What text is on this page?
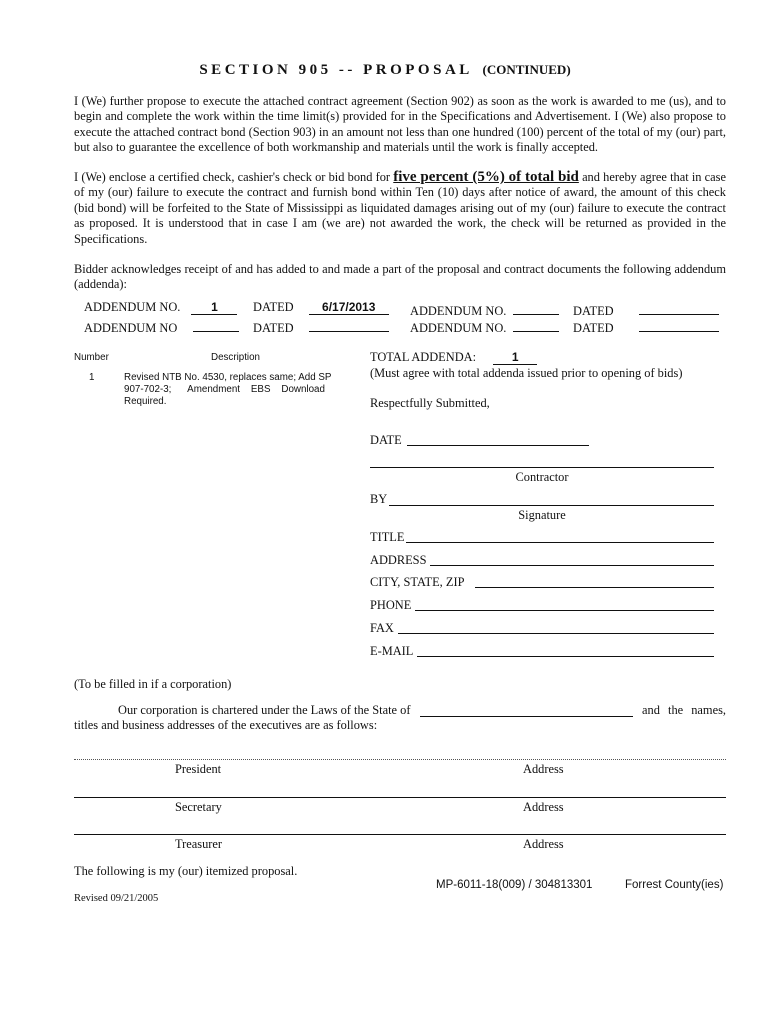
SECTION 905 -- PROPOSAL (CONTINUED)

I (We) further propose to execute the attached contract agreement (Section 902) as soon as the work is awarded to me (us), and to begin and complete the work within the time limit(s) provided for in the Specifications and Advertisement. I (We) also propose to execute the attached contract bond (Section 903) in an amount not less than one hundred (100) percent of the total of my (our) part, but also to guarantee the excellence of both workmanship and materials until the work is finally accepted.

I (We) enclose a certified check, cashier's check or bid bond for five percent (5%) of total bid and hereby agree that in case of my (our) failure to execute the contract and furnish bond within Ten (10) days after notice of award, the amount of this check (bid bond) will be forfeited to the State of Mississippi as liquidated damages arising out of my (our) failure to execute the contract as proposed. It is understood that in case I am (we are) not awarded the work, the check will be returned as provided in the Specifications.

Bidder acknowledges receipt of and has added to and made a part of the proposal and contract documents the following addendum (addenda):

ADDENDUM NO.	1	DATED 6/17/2013	ADDENDUM NO.	DATED
ADDENDUM NO	DATED	ADDENDUM NO.	DATED
Number	Description
1	Revised NTB No. 4530, replaces same; Add SP
907-702-3;      Amendment    EBS    Download
Required.
TOTAL ADDENDA:	1
(Must agree with total addenda issued prior to opening of bids)
Respectfully Submitted,
DATE
Contractor
BY
Signature
TITLE
ADDRESS
CITY, STATE, ZIP
PHONE
FAX
E-MAIL
(To be filled in if a corporation)
Our corporation is chartered under the Laws of the State of	and the names,
titles and business addresses of the executives are as follows:
President	Address
Secretary	Address
Treasurer	Address
The following is my (our) itemized proposal.
MP-6011-18(009) / 304813301	Forrest County(ies)
Revised 09/21/2005
